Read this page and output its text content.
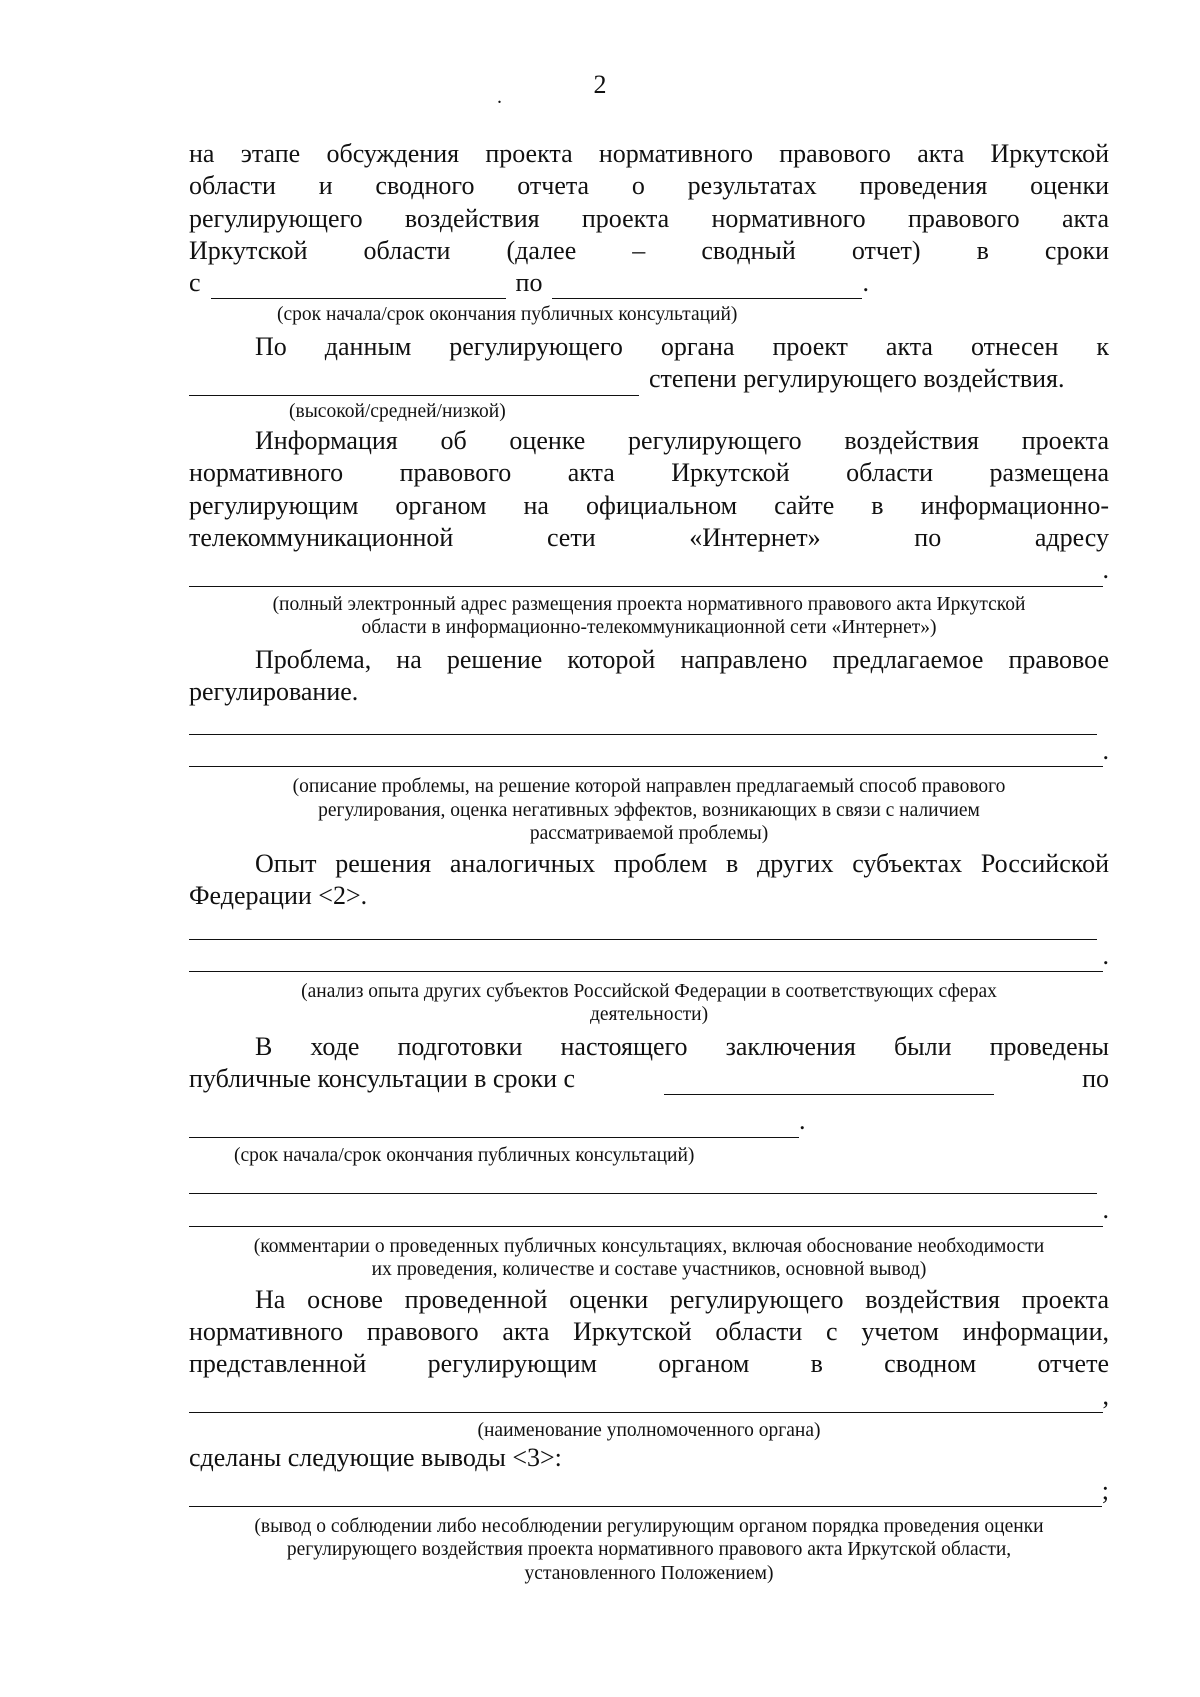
2
.

на этапе обсуждения проекта нормативного правового акта Иркутской

области и сводного отчета о результатах проведения оценки

регулирующего воздействия проекта нормативного правового акта

Иркутской области (далее – сводный отчет) в сроки

с	по	.

(срок начала/срок окончания публичных консультаций)

По данным регулирующего органа проект акта отнесен к

степени регулирующего воздействия.

(высокой/средней/низкой)

Информация об оценке регулирующего воздействия проекта

нормативного правового акта Иркутской области размещена

регулирующим органом на официальном сайте в информационно-

телекоммуникационной сети «Интернет» по адресу

.

(полный электронный адрес размещения проекта нормативного правового акта Иркутской

области в информационно-телекоммуникационной сети «Интернет»)

Проблема, на решение которой направлено предлагаемое правовое

регулирование.

.

(описание проблемы, на решение которой направлен предлагаемый способ правового

регулирования, оценка негативных эффектов, возникающих в связи с наличием

рассматриваемой проблемы)

Опыт решения аналогичных проблем в других субъектах Российской

Федерации <2>.

.

(анализ опыта других субъектов Российской Федерации в соответствующих сферах

деятельности)

В ходе подготовки настоящего заключения были проведены

публичные консультации в сроки с	по
.

(срок начала/срок окончания публичных консультаций)

.

(комментарии о проведенных публичных консультациях, включая обоснование необходимости

их проведения, количестве и составе участников, основной вывод)

На основе проведенной оценки регулирующего воздействия проекта

нормативного правового акта Иркутской области с учетом информации,

представленной регулирующим органом в сводном отчете

,

(наименование уполномоченного органа)

сделаны следующие выводы <3>:

;

(вывод о соблюдении либо несоблюдении регулирующим органом порядка проведения оценки

регулирующего воздействия проекта нормативного правового акта Иркутской области,

установленного Положением)
